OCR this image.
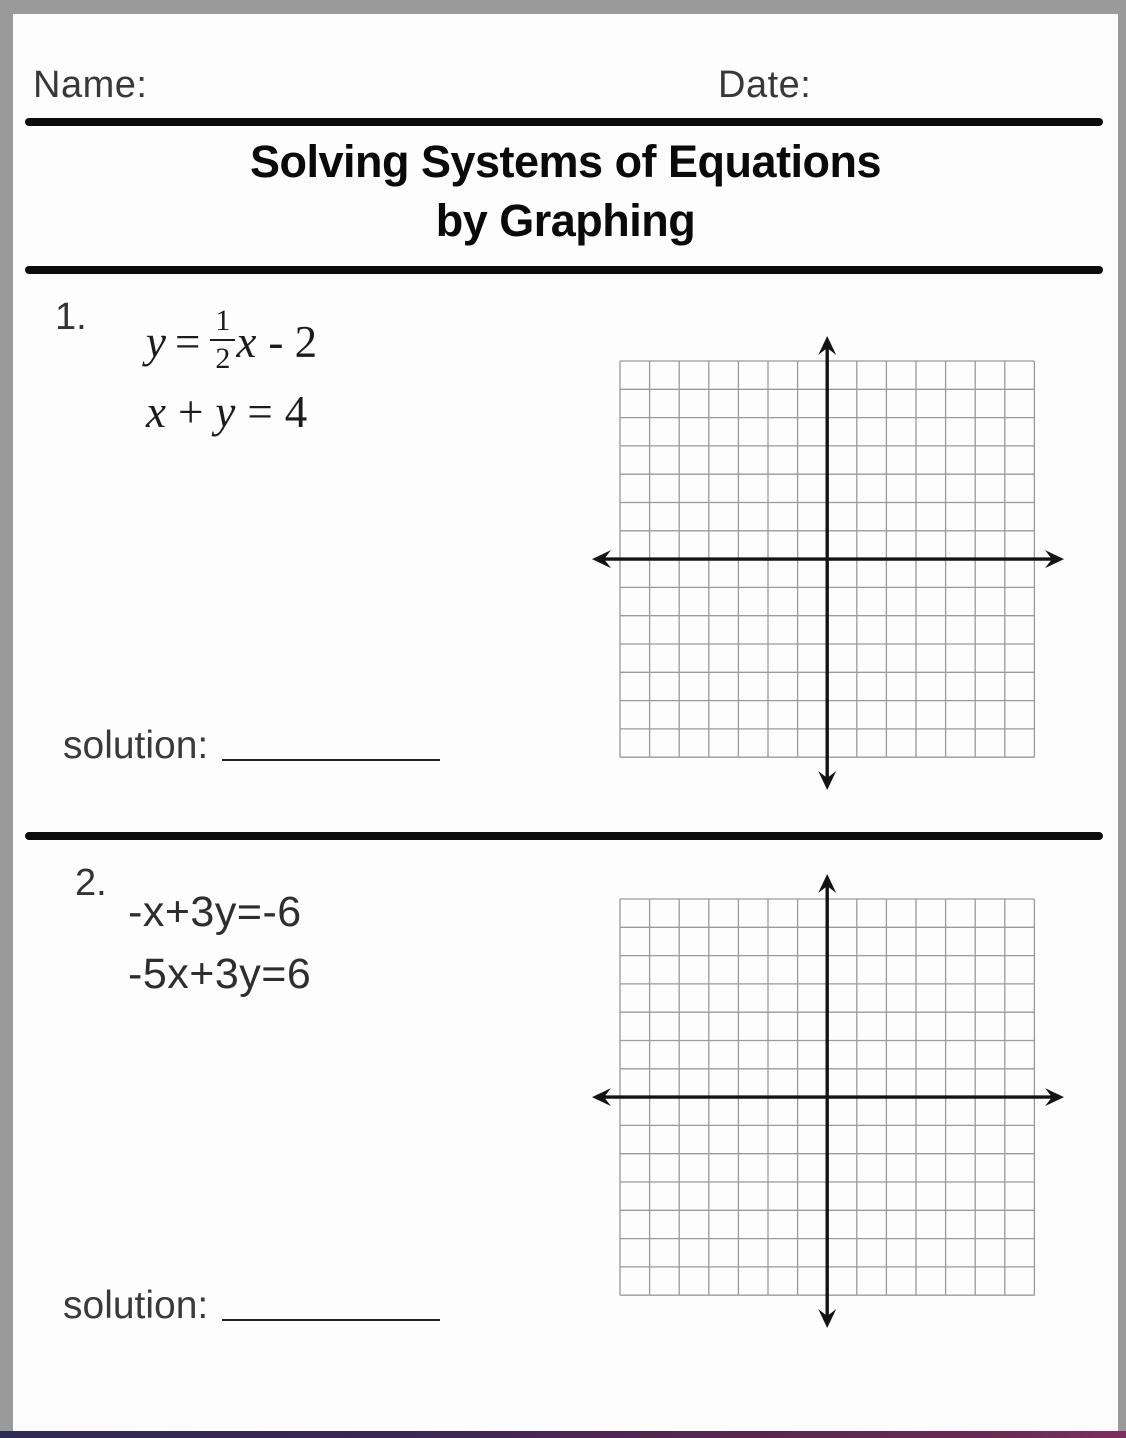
Name:	Date:
Solving Systems of Equations
by Graphing
1. $y = \frac{1}{2}$ x - 2
x + y = 4
solution:
2.
-x+3y=-6
-5x+3y=6
solution:
